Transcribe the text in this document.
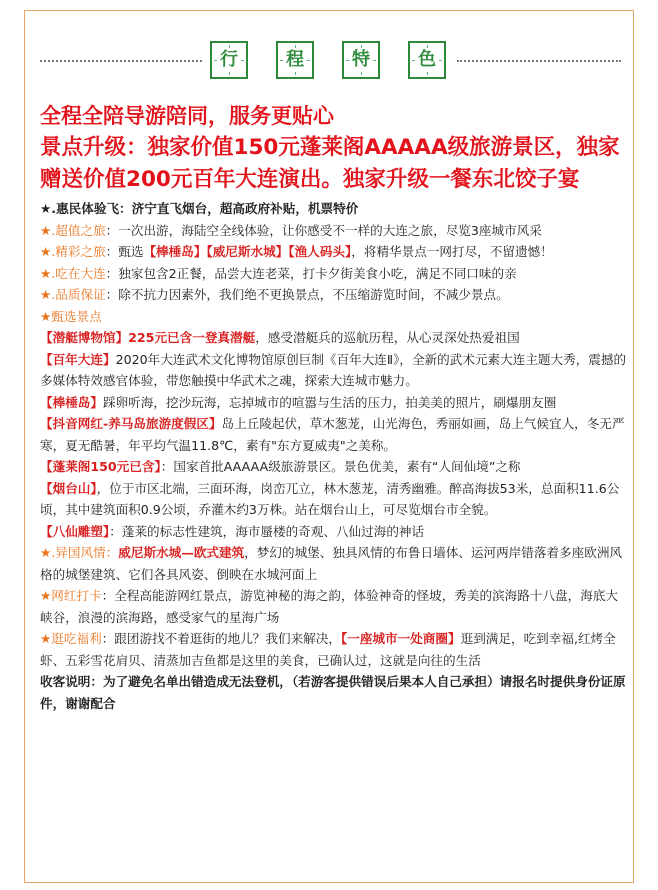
行	程	特	色

全程全陪导游陪同，服务更贴心

景点升级：独家价值150元蓬莱阁AAAAA级旅游景区，独家赠送价值200元百年大连演出。独家升级一餐东北饺子宴

★.惠民体验飞：济宁直飞烟台，超高政府补贴，机票特价

★.超值之旅：一次出游，海陆空全线体验，让你感受不一样的大连之旅，尽览3座城市风采

★.精彩之旅：甄选【棒棰岛】【威尼斯水城】【渔人码头】，将精华景点一网打尽，不留遗憾！

★.吃在大连：独家包含2正餐，品尝大连老菜，打卡夕街美食小吃，满足不同口味的亲

★.品质保证：除不抗力因素外，我们绝不更换景点，不压缩游览时间，不减少景点。

★甄选景点

【潜艇博物馆】225元已含一登真潜艇，感受潜艇兵的巡航历程，从心灵深处热爱祖国

【百年大连】2020年大连武术文化博物馆原创巨制《百年大连Ⅱ》，全新的武术元素大连主题大秀，震撼的多媒体特效感官体验，带您触摸中华武术之魂，探索大连城市魅力。

【棒棰岛】踩卵听海，挖沙玩海，忘掉城市的喧嚣与生活的压力，拍美美的照片，刷爆朋友圈

【抖音网红-养马岛旅游度假区】岛上丘陵起伏，草木葱茏，山光海色，秀丽如画，岛上气候宜人，冬无严寒，夏无酷暑，年平均气温11.8℃，素有"东方夏威夷"之美称。

【蓬莱阁150元已含】：国家首批AAAAA级旅游景区。景色优美，素有“人间仙境”之称

【烟台山】，位于市区北端，三面环海，岗峦兀立，林木葱茏，清秀幽雅。醉高海拔53米，总面积11.6公顷，其中建筑面积0.9公顷，乔灌木约3万株。站在烟台山上，可尽览烟台市全貌。

【八仙雕塑】：蓬莱的标志性建筑，海市蜃楼的奇观、八仙过海的神话

★.异国风情：威尼斯水城—欧式建筑，梦幻的城堡、独具风情的布鲁日墙体、运河两岸错落着多座欧洲风格的城堡建筑、它们各具风姿、倒映在水城河面上

★网红打卡：全程高能游网红景点，游览神秘的海之韵，体验神奇的怪坡，秀美的滨海路十八盘，海底大峡谷，浪漫的滨海路，感受家气的星海广场

★逛吃福利：跟团游找不着逛街的地儿？我们来解决，【一座城市一处商圈】逛到满足，吃到幸福,红烤全虾、五彩雪花肩贝、清蒸加吉鱼都是这里的美食，已确认过，这就是向往的生活

收客说明：为了避免名单出错造成无法登机，（若游客提供错误后果本人自己承担）请报名时提供身份证原件，谢谢配合
